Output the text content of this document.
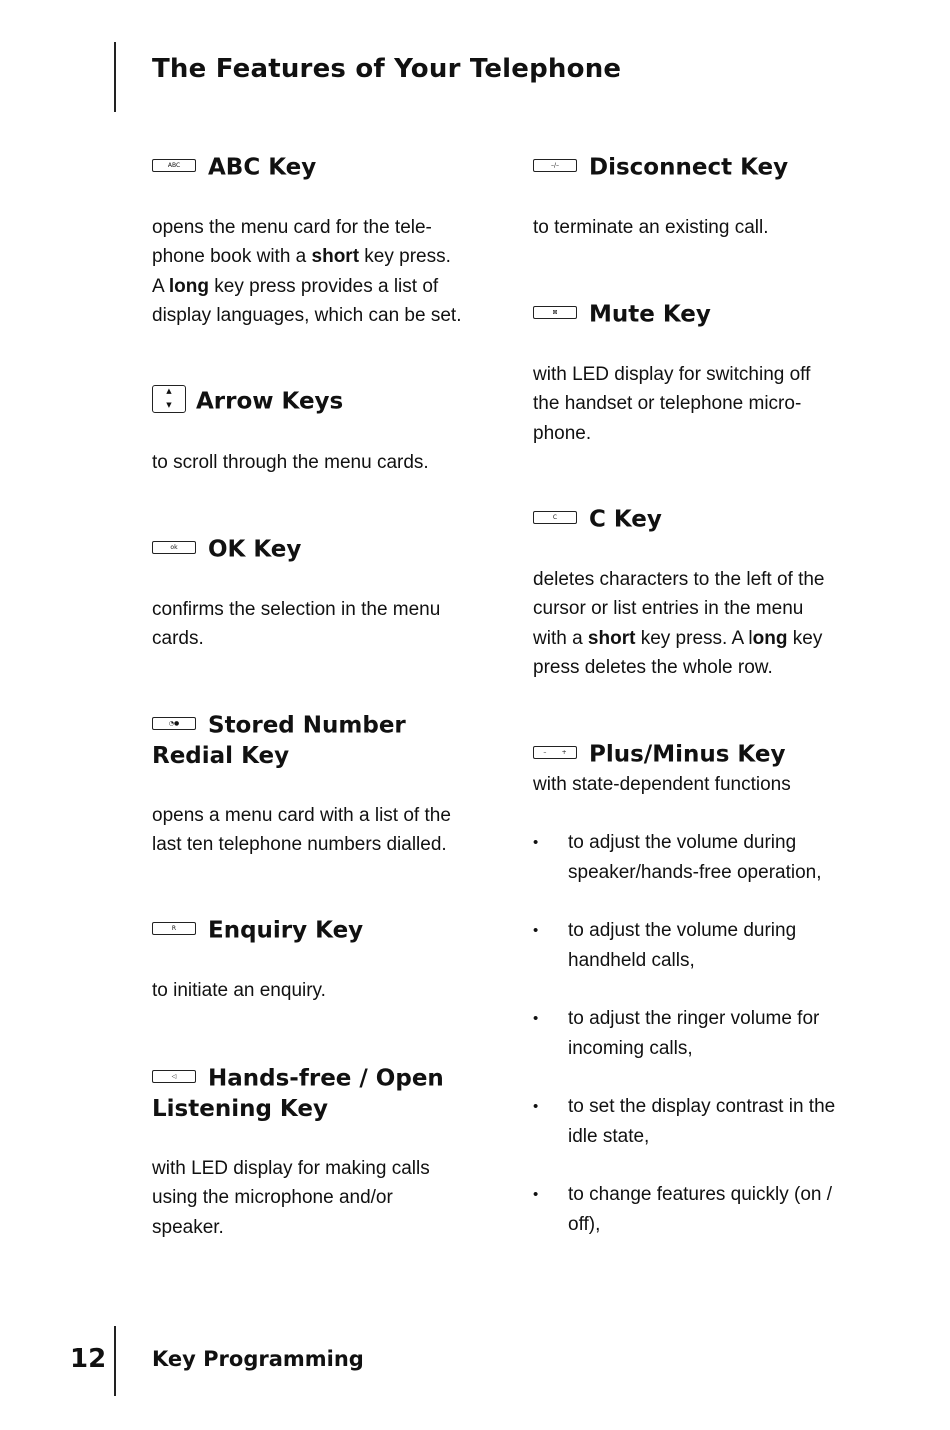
The Features of Your Telephone
ABC ABC Key
opens the menu card for the tele-
phone book with a short key press.
A long key press provides a list of
display languages, which can be set.
▲
▼	Arrow Keys
to scroll through the menu cards.
ok OK Key
confirms the selection in the menu
cards.
◔● Stored Number
Redial Key
opens a menu card with a list of the
last ten telephone numbers dialled.
R Enquiry Key
to initiate an enquiry.
◁ Hands-free / Open
Listening Key
with LED display for making calls
using the microphone and/or
speaker.
–/– Disconnect Key
to terminate an existing call.
⊠ Mute Key
with LED display for switching off
the handset or telephone micro-
phone.
C C Key
deletes characters to the left of the
cursor or list entries in the menu
with a short key press. A long key
press deletes the whole row.
–        + Plus/Minus Key
with state-dependent functions
• to adjust the volume during
speaker/hands-free operation,
• to adjust the volume during
handheld calls,
• to adjust the ringer volume for
incoming calls,
• to set the display contrast in the
idle state,
• to change features quickly (on /
off),
12 Key Programming
